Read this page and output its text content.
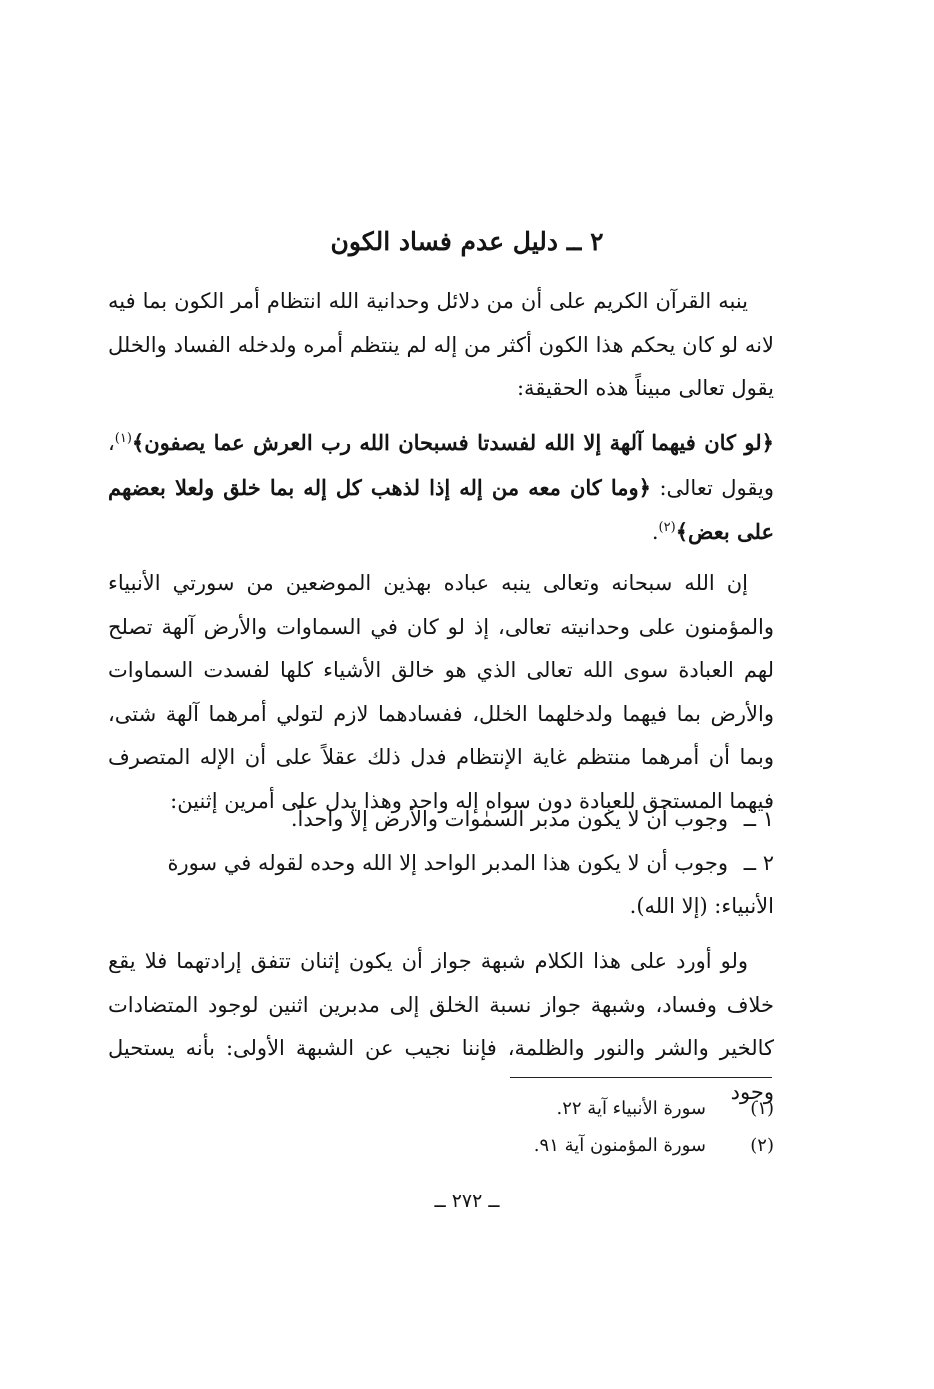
٢ ــ دليل عدم فساد الكون

ينبه القرآن الكريم على أن من دلائل وحدانية الله انتظام أمر الكون بما فيه لانه لو كان يحكم هذا الكون أكثر من إله لم ينتظم أمره ولدخله الفساد والخلل يقول تعالى مبيناً هذه الحقيقة:

﴿لو كان فيهما آلهة إلا الله لفسدتا فسبحان الله رب العرش عما يصفون﴾$^{(١)}$، ويقول تعالى: ﴿وما كان معه من إله إذا لذهب كل إله بما خلق ولعلا بعضهم على بعض﴾$^{(٢)}$.

إن الله سبحانه وتعالى ينبه عباده بهذين الموضعين من سورتي الأنبياء والمؤمنون على وحدانيته تعالى، إذ لو كان في السماوات والأرض آلهة تصلح لهم العبادة سوى الله تعالى الذي هو خالق الأشياء كلها لفسدت السماوات والأرض بما فيهما ولدخلهما الخلل، ففسادهما لازم لتولي أمرهما آلهة شتى، وبما أن أمرهما منتظم غاية الإنتظام فدل ذلك عقلاً على أن الإله المتصرف فيهما المستحق للعبادة دون سواه إله واحد وهذا يدل على أمرين إثنين:

١ ــوجوب أن لا يكون مدبر السمٰوات والأرض إلا واحداً.
٢ ــوجوب أن لا يكون هذا المدبر الواحد إلا الله وحده لقوله في سورة الأنبياء: (إلا الله).

ولو أورد على هذا الكلام شبهة جواز أن يكون إثنان تتفق إرادتهما فلا يقع خلاف وفساد، وشبهة جواز نسبة الخلق إلى مدبرين اثنين لوجود المتضادات كالخير والشر والنور والظلمة، فإننا نجيب عن الشبهة الأولى: بأنه يستحيل وجود

(١)سورة الأنبياء آية ٢٢.
(٢)سورة المؤمنون آية ٩١.
ــ ٢٧٢ ــ
